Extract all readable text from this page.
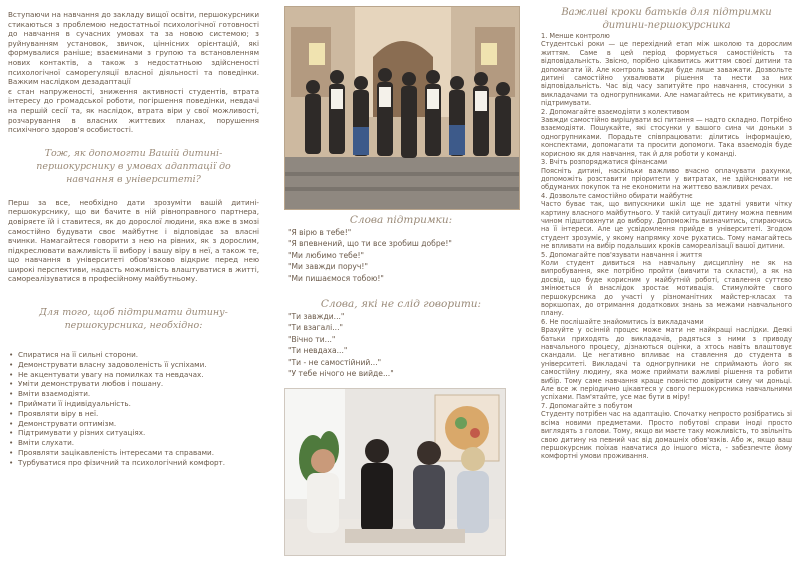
Вступаючи на навчання до закладу вищої освіти, першокурсники стикаються з проблемою недостатньої психологічної готовності до навчання в сучасних умовах та за новою системою; з руйнуванням установок, звичок, ціннісних орієнтацій, які формувалися раніше; взаєминами з групою та встановленням нових контактів, а також з недостатньою здійсненості психологічної саморегуляції власної діяльності та поведінки. Важким наслідком дезадаптації

є стан напруженості, зниження активності студентів, втрата інтересу до громадської роботи, погіршення поведінки, невдачі на першій сесії та, як наслідок, втрата віри у свої можливості, розчарування в власних життєвих планах, порушення психічного здоров'я особистості.

Тож, як допомогти Вашій дитині-першокурснику в умовах адаптації до навчання в університеті?

Перш за все, необхідно дати зрозуміти вашій дитині-першокурснику, що ви бачите в ній рівноправного партнера, довіряєте їй і ставитеся, як до дорослої людини, яка вже в змозі самостійно будувати своє майбутнє і відповідає за власні вчинки. Намагайтеся говорити з нею на рівних, як з дорослим, підкреслювати важливість її вибору і вашу віру в неї, а також те, що навчання в університеті обов'язково відкриє перед нею широкі перспективи, надасть можливість влаштуватися в житті, самореалізуватися в професійному майбутньому.

Для того, щоб підтримати дитину-першокурсника, необхідно:

• Спиратися на її сильні сторони.
• Демонструвати власну задоволеність її успіхами.
• Не акцентувати увагу на помилках та невдачах.
• Уміти демонструвати любов і пошану.
• Вміти взаємодіяти.
• Приймати її індивідуальність.
• Проявляти віру в неї.
• Демонструвати оптимізм.
• Підтримувати у різних ситуаціях.
• Вміти слухати.
• Проявляти зацікавленість інтересами та справами.
• Турбуватися про фізичний та психологічний комфорт.

Слова підтримки:

"Я вірю в тебе!"
"Я впевнений, що ти все зробиш добре!"
"Ми любимо тебе!"
"Ми завжди поруч!"
"Ми пишаємося тобою!"

Слова, які не слід говорити:

"Ти завжди..."
"Ти взагалі..."
"Вічно ти..."
"Ти невдаха..."
"Ти - не самостійний..."
"У тебе нічого не вийде..."

Важливі кроки батьків для підтримки дитини-першокурсника

1. Менше контролю

Студентські роки — це перехідний етап між школою та дорослим життям. Саме в цей період формується самостійність та відповідальність. Звісно, порібно цікавитись життям своєї дитини та допомагати їй. Але контроль завжди буде лише заважати. Дозвольте дитині самостійно ухвалювати рішення та нести за них відповідальність. Час від часу запитуйте про навчання, стосунки з викладачами та одногрупниками. Але намагайтесь не критикувати, а підтримувати.

2. Допомагайте взаємодіяти з колективом

Завжди самостійно вирішувати всі питання — надто складно. Потрібно взаємодіяти. Пошукайте, які стосунки у вашого сина чи доньки з одногрупниками. Порадьте співпрацювати: ділитись інформацією, конспектами, допомагати та просити допомоги. Така взаємодія буде корисною як для навчання, так й для роботи у команді.

3. Вчіть розпоряджатися фінансами

Поясніть дитині, наскільки важливо вчасно оплачувати рахунки, допоможіть розставити пріоритети у витратах, не здійснювати не обдуманих покупок та не економити на життєво важливих речах.

4. Дозвольте самостійно обирати майбутнє

Часто буває так, що випускники шкіл ще не здатні уявити чітку картину власного майбутнього. У такій ситуації дитину можна певним чином підштовхнути до вибору. Допоможіть визначитись, спираючись на її інтереси. Але це усвідомлення прийде в університеті. Згодом студент зрозуміє, у якому напрямку хоче рухатись. Тому намагайтесь не впливати на вибір подальших кроків самореалізації вашої дитини.

5. Допомагайте пов'язувати навчання і життя

Коли студент дивиться на навчальну дисципліну не як на випробування, яке потрібно пройти (вивчити та скласти), а як на досвід, що буде корисним у майбутній роботі, ставлення суттєво змінюється й внаслідок зростає мотивація. Стимулюйте свого першокурсника до участі у різноманітних майстер-класах та воркшопах, до отримання додаткових знань за межами навчального плану.

6. Не послішайте знайомитись із викладачами

Врахуйте у осінній процес може мати не найкращі наслідки. Деякі батьки приходять до викладачів, радяться з ними з приводу навчального процесу, дізнаються оцінки, а хтось навіть влаштовує скандали. Це негативно впливає на ставлення до студента в університеті. Викладачі та одногрупники не сприймають його як самостійну людину, яка може приймати важливі рішення та робити вибір. Тому саме навчання краще повністю довірити сину чи доньці. Але все ж періодично цікавтеся у свого першокурсника навчальними успіхами. Пам'ятайте, усе має бути в міру!

7. Допомагайте з побутом

Студенту потрібен час на адаптацію. Спочатку непросто розібратись зі всіма новими предметами. Просто побутові справи іноді просто виглядять з голови. Тому, якщо ви маєте таку можливість, то звільніть свою дитину на певний час від домашніх обов'язків. Або ж, якщо ваш першокурсник поїхав навчатися до іншого міста, - забезпечте йому комфортні умови проживання.
